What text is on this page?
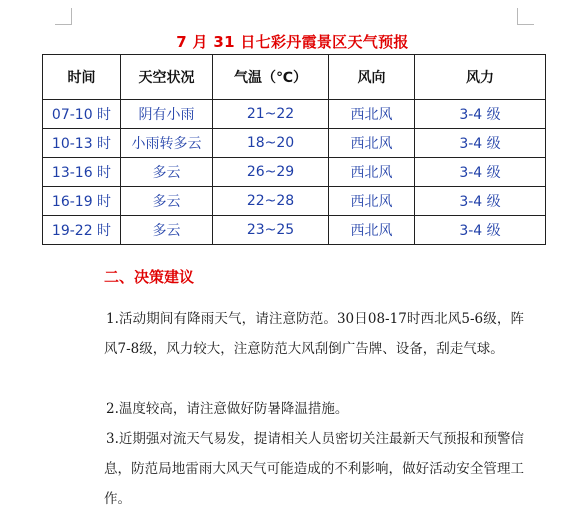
7 月 31 日七彩丹霞景区天气预报
时间	天空状况	气温（℃）	风向	风力
07-10 时	阴有小雨	21~22	西北风	3-4 级
10-13 时	小雨转多云	18~20	西北风	3-4 级
13-16 时	多云	26~29	西北风	3-4 级
16-19 时	多云	22~28	西北风	3-4 级
19-22 时	多云	23~25	西北风	3-4 级
二、决策建议

1.活动期间有降雨天气，请注意防范。30日08-17时西北风5-6级，阵风7-8级，风力较大，注意防范大风刮倒广告牌、设备，刮走气球。

2.温度较高，请注意做好防暑降温措施。

3.近期强对流天气易发，提请相关人员密切关注最新天气预报和预警信息，防范局地雷雨大风天气可能造成的不利影响，做好活动安全管理工作。
